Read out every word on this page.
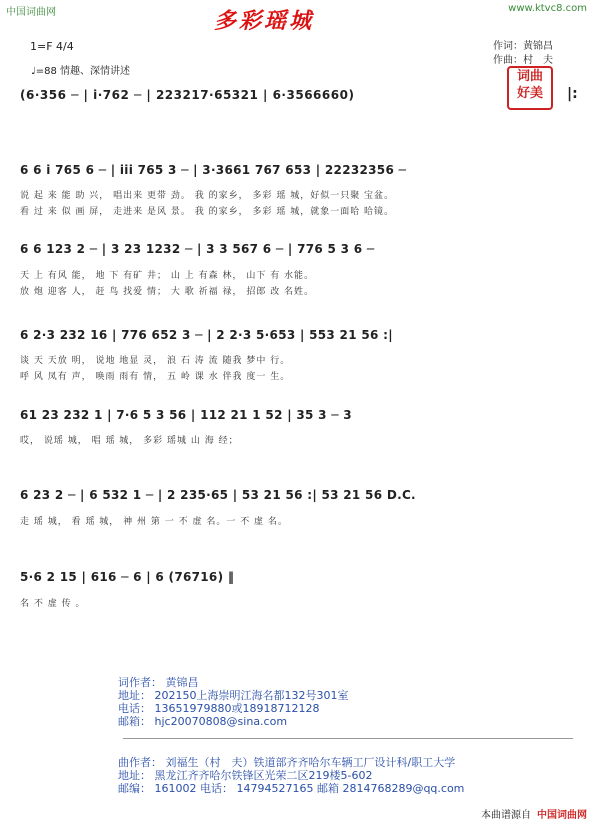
中国词曲网	www.ktvc8.com
多彩瑶城
1=F 4/4
♩=88 情趣、深情讲述
作词：黄锦昌
作曲：村　夫
词曲
好美
(6·356 ─ | i·762 ─ | 223217·65321 | 6·3566660)	|:
6 6 i 765 6 ─ | iii 765 3 ─ | 3·3661 767 653 | 22232356 ─
说 起 来 能 助 兴， 唱出来 更带 劲。 我 的家乡， 多彩 瑶 城，好似一只聚 宝盆。
看 过 来 似 画 屏， 走进来 是风 景。 我 的家乡， 多彩 瑶 城，就象一面哈 哈镜。
6 6 123 2 ─ | 3 23 1232 ─ | 3 3 567 6 ─ | 776 5 3 6 ─
天 上 有风 能， 地 下 有矿 井； 山 上 有森 林， 山下 有 水能。
放 炮 迎客 人， 赶 鸟 找爱 情； 大 歌 祈福 禄， 招郎 改 名姓。
6 2·3 232 16 | 776 652 3 ─ | 2 2·3 5·653 | 553 21 56 :|
谈 天 天放 明， 说地 地显 灵， 浪 石 涛 流 随我 梦中 行。
呼 风 凤有 声， 唤雨 雨有 情， 五 岭 课 水 伴我 度一 生。
61 23 232 1 | 7·6 5 3 56 | 112 21 1 52 | 35 3 ─ 3
哎， 说瑶 城， 唱 瑶 城， 多彩 瑶城 山 海 经；
6 23 2 ─ | 6 532 1 ─ | 2 235·65 | 53 21 56 :| 53 21 56 D.C.
走 瑶 城， 看 瑶 城， 神 州 第 一 不 虚 名。一 不 虚 名。
5·6 2 15 | 616 ─ 6 | 6 (76716) ‖
名 不 虚 传 。
词作者： 黄锦昌
地址： 202150上海崇明江海名都132号301室
电话： 13651979880或18918712128
邮箱： hjc20070808@sina.com
曲作者： 刘福生（村　夫）铁道部齐齐哈尔车辆工厂设计科/职工大学
地址： 黑龙江齐齐哈尔铁锋区光荣二区219楼5-602
邮编： 161002 电话： 14794527165 邮箱 2814768289@qq.com
本曲谱源自 中国词曲网
